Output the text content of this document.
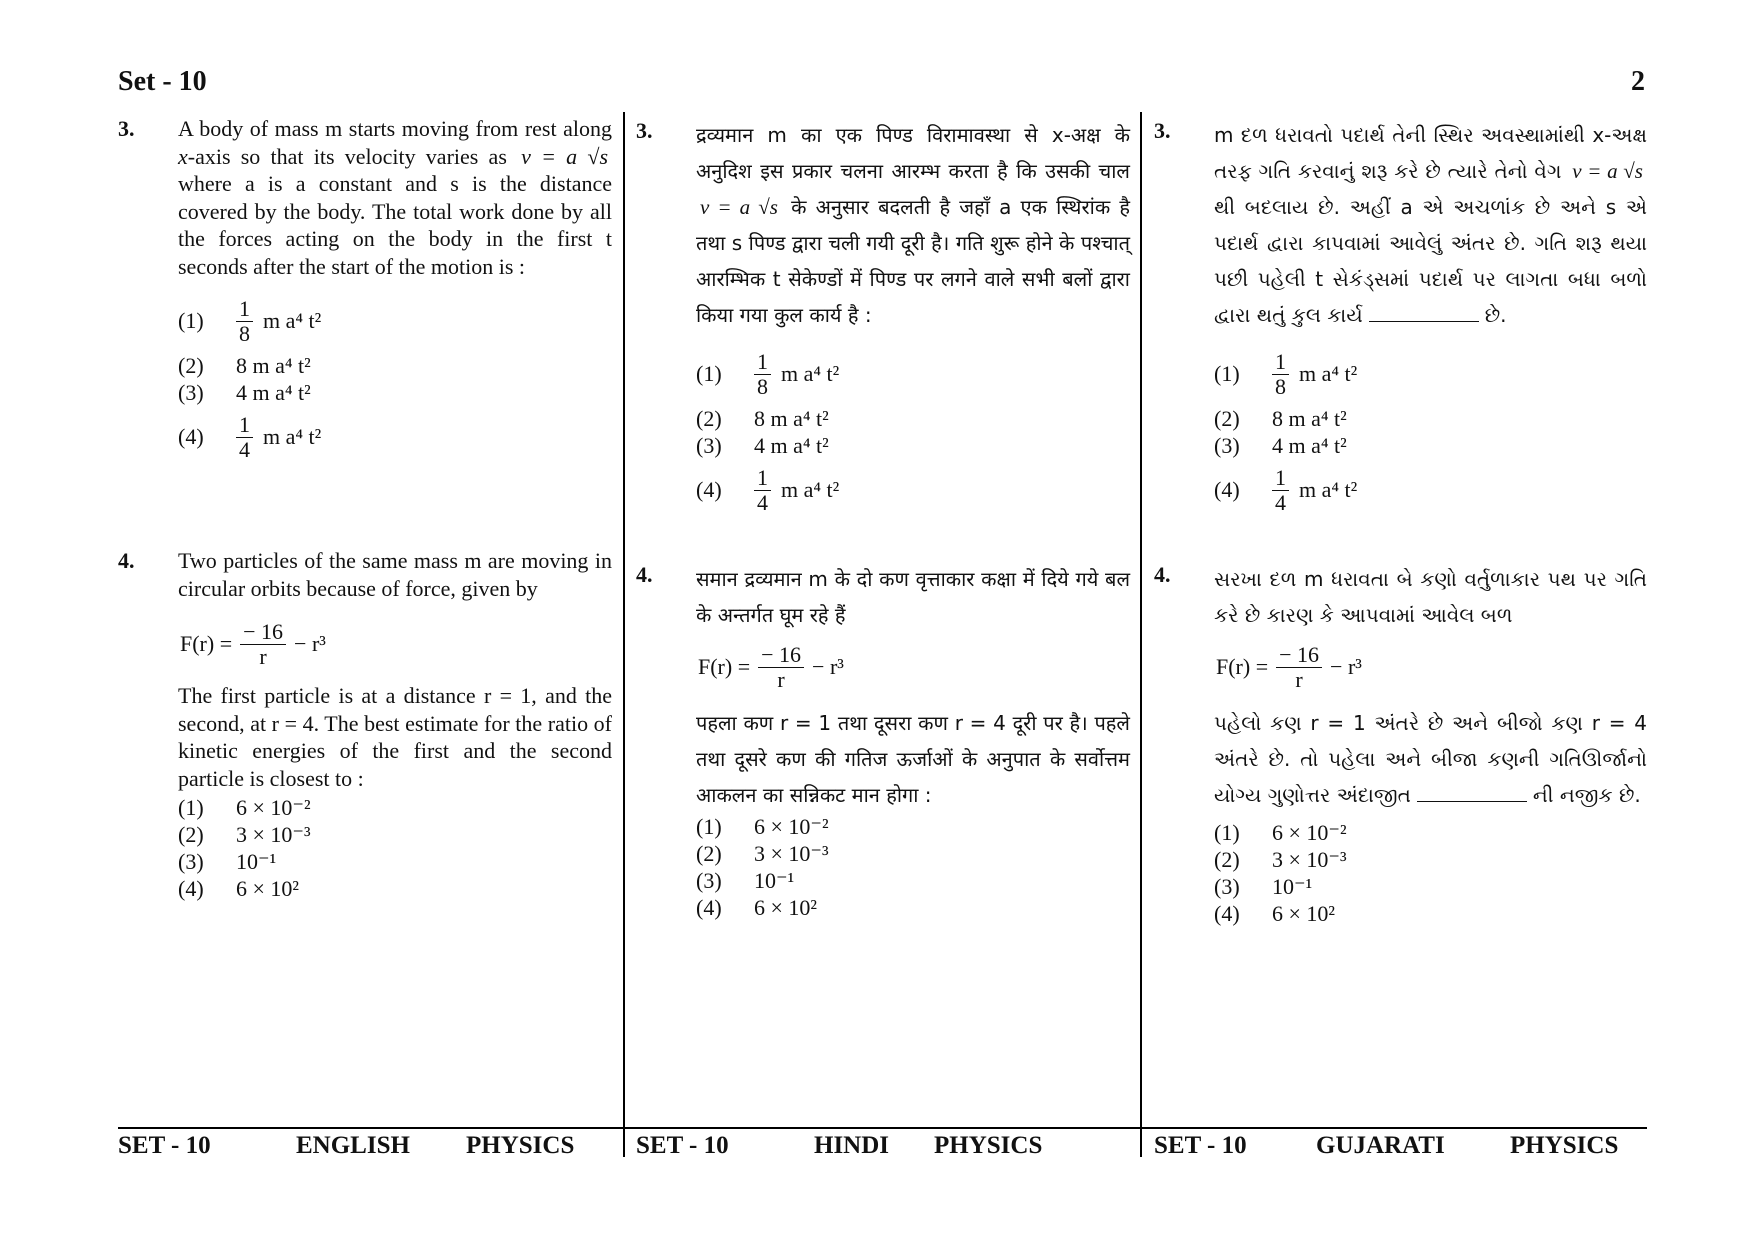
Set - 10	2
3. A body of mass m starts moving from rest along x-axis so that its velocity varies as v = a √s where a is a constant and s is the distance covered by the body. The total work done by all the forces acting on the body in the first t seconds after the start of the motion is :
(1)	$\frac{1}{8}$ m a⁴ t²
(2)	8 m a⁴ t²
(3)	4 m a⁴ t²
(4)	$\frac{1}{4}$ m a⁴ t²
4. Two particles of the same mass m are moving in circular orbits because of force, given by
$F(r) = \frac{- 16}{r} - r^3$
The first particle is at a distance r = 1, and the second, at r = 4. The best estimate for the ratio of kinetic energies of the first and the second particle is closest to :
(1)	6 × 10⁻²
(2)	3 × 10⁻³
(3)	10⁻¹
(4)	6 × 10²
3. द्रव्यमान m का एक पिण्ड विरामावस्था से x-अक्ष के अनुदिश इस प्रकार चलना आरम्भ करता है कि उसकी चाल v = a √s के अनुसार बदलती है जहाँ a एक स्थिरांक है तथा s पिण्ड द्वारा चली गयी दूरी है। गति शुरू होने के पश्चात् आरम्भिक t सेकेण्डों में पिण्ड पर लगने वाले सभी बलों द्वारा किया गया कुल कार्य है :
(1)	$\frac{1}{8}$ m a⁴ t²
(2)	8 m a⁴ t²
(3)	4 m a⁴ t²
(4)	$\frac{1}{4}$ m a⁴ t²
4. समान द्रव्यमान m के दो कण वृत्ताकार कक्षा में दिये गये बल के अन्तर्गत घूम रहे हैं
$F(r) = \frac{- 16}{r} - r^3$
पहला कण r = 1 तथा दूसरा कण r = 4 दूरी पर है। पहले तथा दूसरे कण की गतिज ऊर्जाओं के अनुपात के सर्वोत्तम आकलन का सन्निकट मान होगा :
(1)	6 × 10⁻²
(2)	3 × 10⁻³
(3)	10⁻¹
(4)	6 × 10²
3. m દળ ધરાવતો પદાર્થ તેની સ્થિર અવસ્થામાંથી x-અક્ષ તરફ ગતિ કરવાનું શરૂ કરે છે ત્યારે તેનો વેગ v = a √s થી બદલાય છે. અહીં a એ અચળાંક છે અને s એ પદાર્થ દ્વારા કાપવામાં આવેલું અંતર છે. ગતિ શરૂ થયા પછી પહેલી t સેકંડ્સમાં પદાર્થ પર લાગતા બધા બળો દ્વારા થતું કુલ કાર્ય	છે.
(1)	$\frac{1}{8}$ m a⁴ t²
(2)	8 m a⁴ t²
(3)	4 m a⁴ t²
(4)	$\frac{1}{4}$ m a⁴ t²
4. સરખા દળ m ધરાવતા બે કણો વર્તુળાકાર પથ પર ગતિ કરે છે કારણ કે આપવામાં આવેલ બળ
$F(r) = \frac{- 16}{r} - r^3$
પહેલો કણ r = 1 અંતરે છે અને બીજો કણ r = 4 અંતરે છે. તો પહેલા અને બીજા કણની ગતિઊર્જાનો યોગ્ય ગુણોત્તર અંદાજીત	ની નજીક છે.
(1)	6 × 10⁻²
(2)	3 × 10⁻³
(3)	10⁻¹
(4)	6 × 10²
SET - 10	ENGLISH PHYSICS SET - 10	HINDI PHYSICS	SET - 10	GUJARATI	PHYSICS
